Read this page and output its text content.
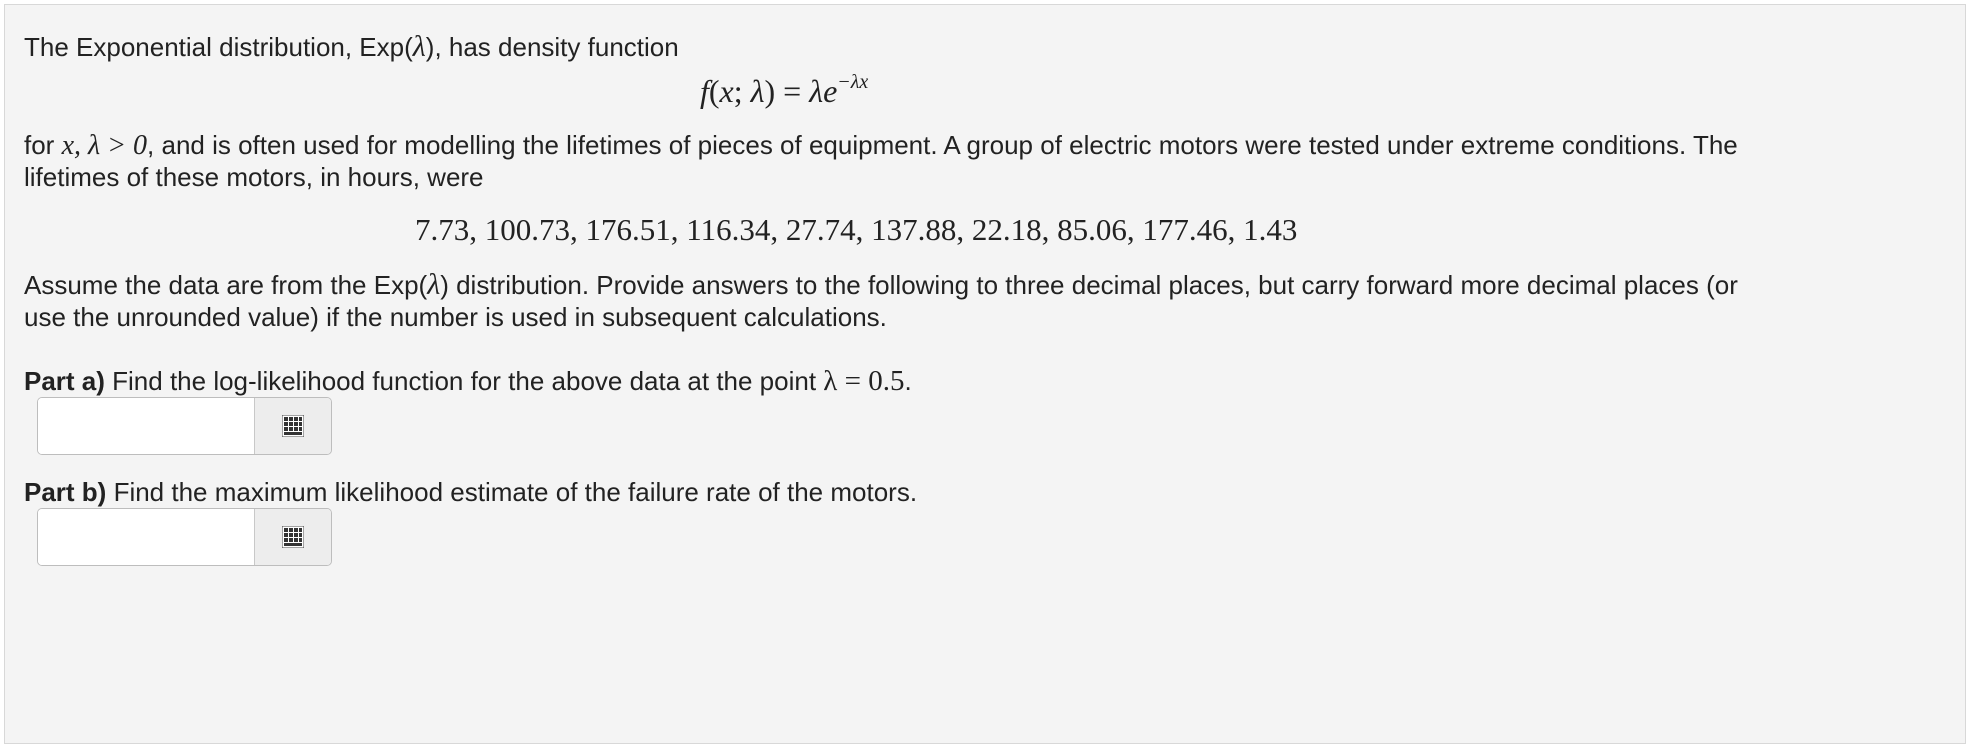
The Exponential distribution, Exp(λ), has density function
f(x; $\lambda) = \lambda e^{-\lambda x}$
for x, λ > 0, and is often used for modelling the lifetimes of pieces of equipment. A group of electric motors were tested under extreme conditions. The
lifetimes of these motors, in hours, were
7.73, 100.73, 176.51, 116.34, 27.74, 137.88, 22.18, 85.06, 177.46, 1.43
Assume the data are from the Exp(λ) distribution. Provide answers to the following to three decimal places, but carry forward more decimal places (or
use the unrounded value) if the number is used in subsequent calculations.
Part a) Find the log-likelihood function for the above data at the point λ = 0.5.
Part b) Find the maximum likelihood estimate of the failure rate of the motors.
